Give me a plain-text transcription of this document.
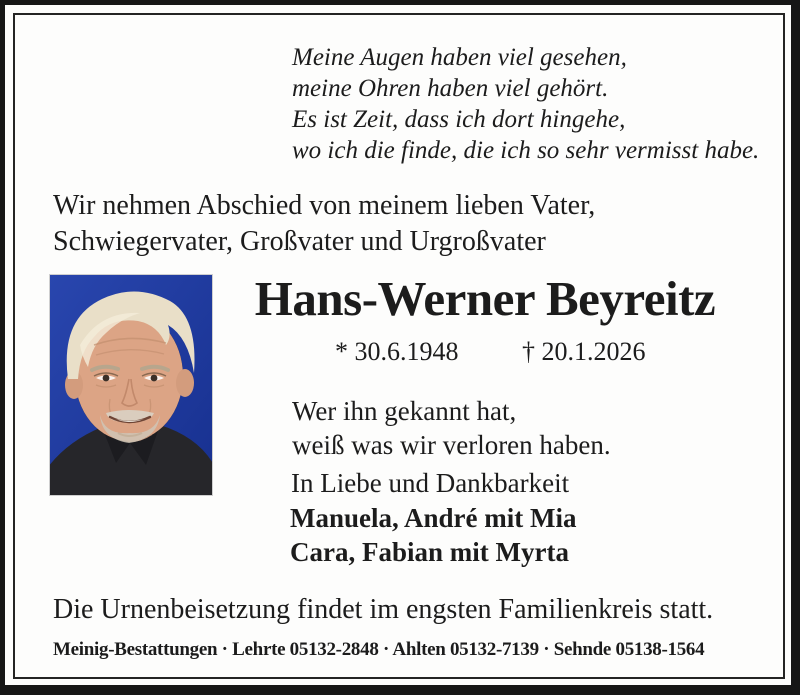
Meine Augen haben viel gesehen,
meine Ohren haben viel gehört.
Es ist Zeit, dass ich dort hingehe,
wo ich die finde, die ich so sehr vermisst habe.
Wir nehmen Abschied von meinem lieben Vater,
Schwiegervater, Großvater und Urgroßvater
Hans-Werner Beyreitz
* 30.6.1948 † 20.1.2026
Wer ihn gekannt hat,
weiß was wir verloren haben.
In Liebe und Dankbarkeit
Manuela, André mit Mia
Cara, Fabian mit Myrta
Die Urnenbeisetzung findet im engsten Familienkreis statt.
Meinig-Bestattungen · Lehrte 05132-2848 · Ahlten 05132-7139 · Sehnde 05138-1564
